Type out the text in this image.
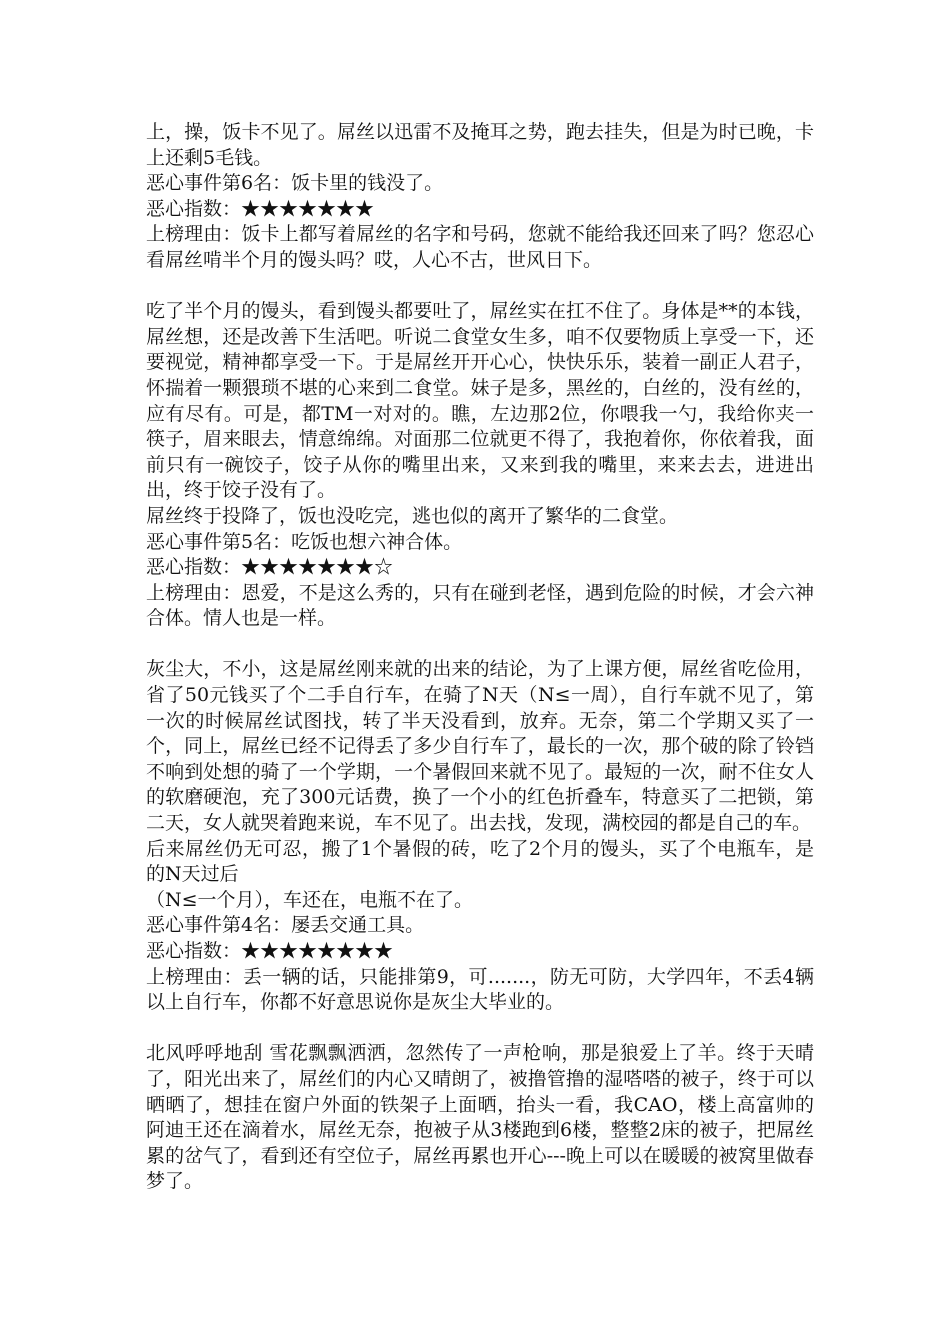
上，操，饭卡不见了。屌丝以迅雷不及掩耳之势，跑去挂失，但是为时已晚，卡上还剩5毛钱。

恶心事件第6名：饭卡里的钱没了。

恶心指数：★★★★★★★

上榜理由：饭卡上都写着屌丝的名字和号码，您就不能给我还回来了吗？您忍心看屌丝啃半个月的馒头吗？哎，人心不古，世风日下。

吃了半个月的馒头，看到馒头都要吐了，屌丝实在扛不住了。身体是**的本钱，屌丝想，还是改善下生活吧。听说二食堂女生多，咱不仅要物质上享受一下，还要视觉，精神都享受一下。于是屌丝开开心心，快快乐乐，装着一副正人君子，怀揣着一颗猥琐不堪的心来到二食堂。妹子是多，黑丝的，白丝的，没有丝的，应有尽有。可是，都TM一对对的。瞧，左边那2位，你喂我一勺，我给你夹一筷子，眉来眼去，情意绵绵。对面那二位就更不得了，我抱着你，你依着我，面前只有一碗饺子，饺子从你的嘴里出来，又来到我的嘴里，来来去去，进进出出，终于饺子没有了。

屌丝终于投降了，饭也没吃完，逃也似的离开了繁华的二食堂。

恶心事件第5名：吃饭也想六神合体。

恶心指数：★★★★★★★☆

上榜理由：恩爱，不是这么秀的，只有在碰到老怪，遇到危险的时候，才会六神合体。情人也是一样。

灰尘大，不小，这是屌丝刚来就的出来的结论，为了上课方便，屌丝省吃俭用，省了50元钱买了个二手自行车，在骑了N天（N≤一周），自行车就不见了，第一次的时候屌丝试图找，转了半天没看到，放弃。无奈，第二个学期又买了一个，同上，屌丝已经不记得丢了多少自行车了，最长的一次，那个破的除了铃铛不响到处想的骑了一个学期，一个暑假回来就不见了。最短的一次，耐不住女人的软磨硬泡，充了300元话费，换了一个小的红色折叠车，特意买了二把锁，第二天，女人就哭着跑来说，车不见了。出去找，发现，满校园的都是自己的车。

后来屌丝仍无可忍，搬了1个暑假的砖，吃了2个月的馒头，买了个电瓶车，是的N天过后

（N≤一个月），车还在，电瓶不在了。

恶心事件第4名：屡丢交通工具。

恶心指数：★★★★★★★★

上榜理由：丢一辆的话，只能排第9，可.......，防无可防，大学四年，不丢4辆以上自行车，你都不好意思说你是灰尘大毕业的。

北风呼呼地刮 雪花飘飘洒洒，忽然传了一声枪响，那是狼爱上了羊。终于天晴了，阳光出来了，屌丝们的内心又晴朗了，被撸管撸的湿嗒嗒的被子，终于可以晒晒了，想挂在窗户外面的铁架子上面晒，抬头一看，我CAO，楼上高富帅的阿迪王还在滴着水，屌丝无奈，抱被子从3楼跑到6楼，整整2床的被子，把屌丝累的岔气了，看到还有空位子，屌丝再累也开心---晚上可以在暖暖的被窝里做春梦了。
